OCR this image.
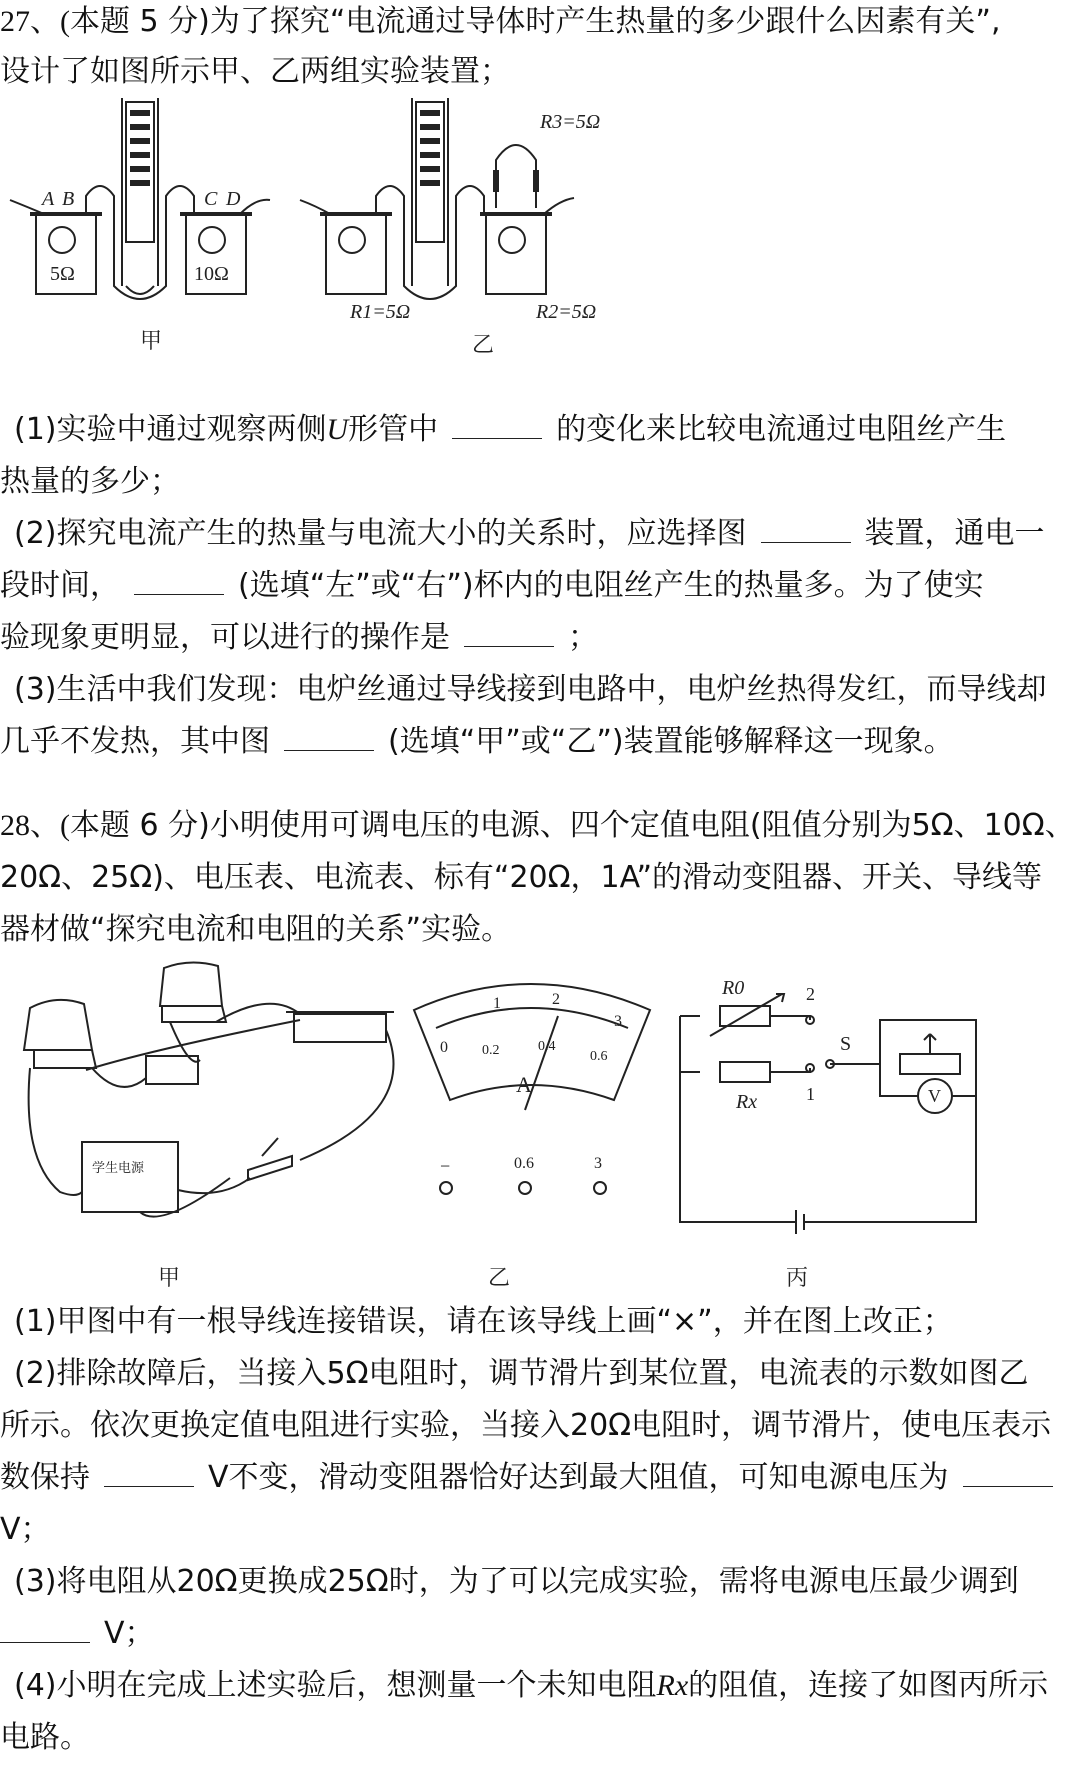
27、(本题 5 分)为了探究“电流通过导体时产生热量的多少跟什么因素有关”,
设计了如图所示甲、乙两组实验装置；
A B	C D
5Ω	10Ω
R3=5Ω
R1=5Ω	R2=5Ω
甲	乙
(1)实验中通过观察两侧U形管中	的变化来比较电流通过电阻丝产生
热量的多少；
(2)探究电流产生的热量与电流大小的关系时，应选择图	装置，通电一
段时间，	(选填“左”或“右”)杯内的电阻丝产生的热量多。为了使实
验现象更明显，可以进行的操作是	；
(3)生活中我们发现：电炉丝通过导线接到电路中，电炉丝热得发红，而导线却
几乎不发热，其中图	(选填“甲”或“乙”)装置能够解释这一现象。
28、(本题 6 分)小明使用可调电压的电源、四个定值电阻(阻值分别为5Ω、10Ω、
20Ω、25Ω)、电压表、电流表、标有“20Ω，1A”的滑动变阻器、开关、导线等
器材做“探究电流和电阻的关系”实验。
学生电源
甲
0
1	2
3
0.2	0.4
0.6
A
−	0.6	3
乙
R0
Rx
2
1
S
V
丙
(1)甲图中有一根导线连接错误，请在该导线上画“×”，并在图上改正；
(2)排除故障后，当接入5Ω电阻时，调节滑片到某位置，电流表的示数如图乙
所示。依次更换定值电阻进行实验，当接入20Ω电阻时，调节滑片，使电压表示
数保持	V不变，滑动变阻器恰好达到最大阻值，可知电源电压为
V；
(3)将电阻从20Ω更换成25Ω时，为了可以完成实验，需将电源电压最少调到
V；
(4)小明在完成上述实验后，想测量一个未知电阻Rx的阻值，连接了如图丙所示
电路。
